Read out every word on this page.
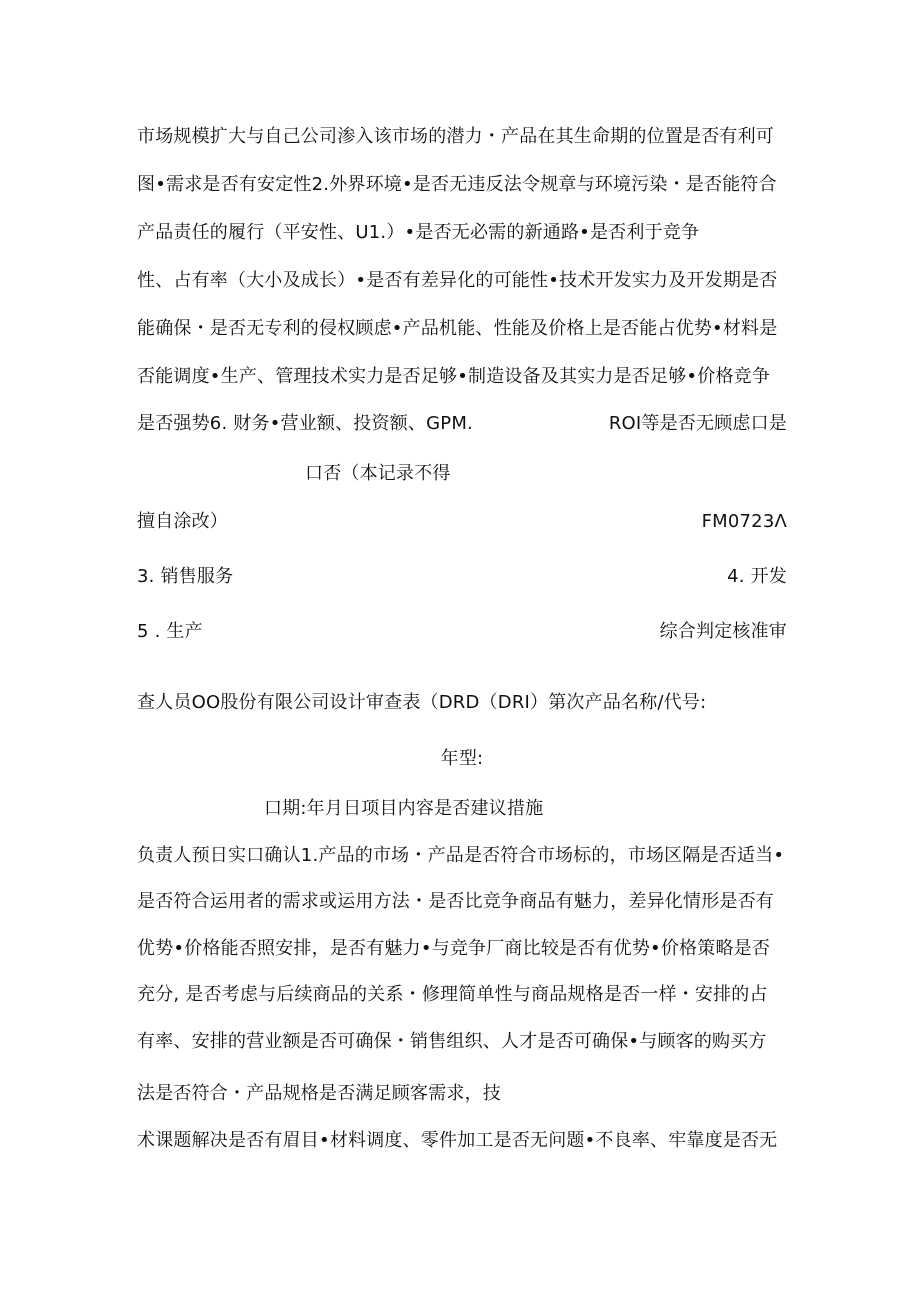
市场规模扩大与自己公司渗入该市场的潜力・产品在其生命期的位置是否有利可
图•需求是否有安定性2.外界环境•是否无违反法令规章与环境污染・是否能符合
产品责任的履行（平安性、U1.）•是否无必需的新通路•是否利于竞争
性、占有率（大小及成长）•是否有差异化的可能性•技术开发实力及开发期是否
能确保・是否无专利的侵权顾虑•产品机能、性能及价格上是否能占优势•材料是
否能调度•生产、管理技术实力是否足够•制造设备及其实力是否足够•价格竞争
是否强势6. 财务•营业额、投资额、GPM.	ROI等是否无顾虑口是
口否（本记录不得
擅自涂改）	FM0723Λ
3. 销售服务	4. 开发
5 . 生产	综合判定核准审
查人员OO股份有限公司设计审查表（DRD（DRI）第次产品名称/代号:
年型:
口期:年月日项目内容是否建议措施
负责人预日实口确认1.产品的市场・产品是否符合市场标的，市场区隔是否适当•
是否符合运用者的需求或运用方法・是否比竞争商品有魅力，差异化情形是否有
优势•价格能否照安排，是否有魅力•与竞争厂商比较是否有优势•价格策略是否
充分, 是否考虑与后续商品的关系・修理简单性与商品规格是否一样・安排的占
有率、安排的营业额是否可确保・销售组织、人才是否可确保•与顾客的购买方
法是否符合・产品规格是否满足顾客需求，技
术课题解决是否有眉目•材料调度、零件加工是否无问题•不良率、牢靠度是否无
